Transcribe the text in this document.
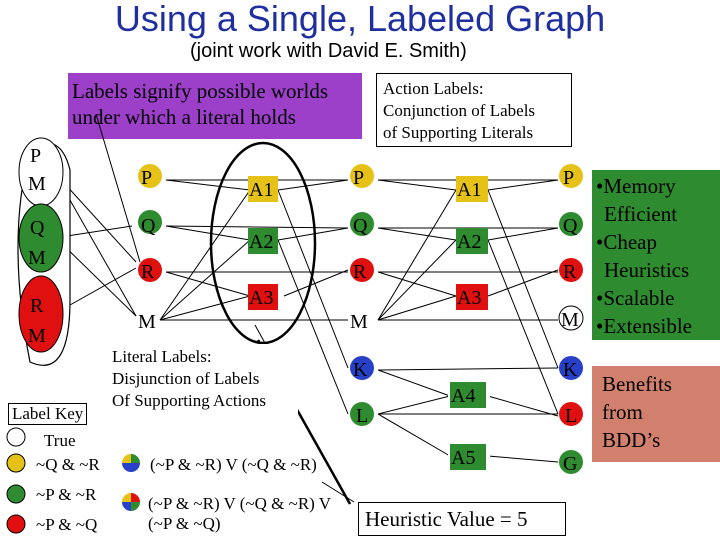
Using a Single, Labeled Graph
(joint work with David E. Smith)
Labels signify possible worlds
under which a literal holds
Action Labels:
Conjunction of Labels
of Supporting Literals
P
M
Q
M
R
M
P
Q
R
M
A1
A2
A3
P
Q
R
M
K
L
A1
A2
A3
A4
A5
P
Q
R
M
K
L
G
Literal Labels:
Disjunction of Labels
Of Supporting Actions
Label Key
True
~Q & ~R
~P & ~R
~P & ~Q
(~P & ~R) V (~Q & ~R)
(~P & ~R) V (~Q & ~R) V
(~P & ~Q)	Heuristic Value = 5
•Memory
Efficient
•Cheap
Heuristics
•Scalable
•Extensible
Benefits
from
BDD’s
